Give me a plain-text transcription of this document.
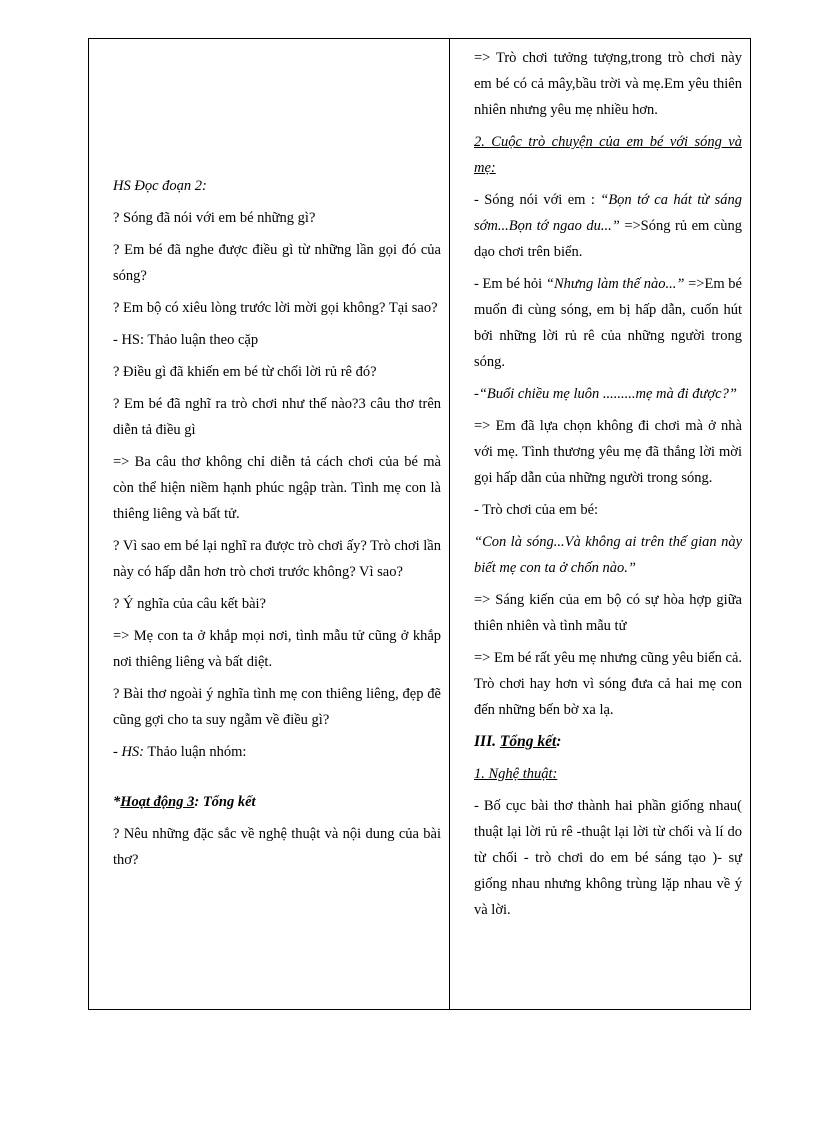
HS Đọc đoạn 2:

? Sóng đã nói với em bé những gì?

? Em bé đã nghe được điều gì từ những lần gọi đó của sóng?

? Em bộ có xiêu lòng trước lời mời gọi không? Tại sao?

- HS: Thảo luận theo cặp

? Điều gì đã khiến em bé từ chối lời rủ rê đó?

? Em bé đã nghĩ ra trò chơi như thế nào?3 câu thơ trên diễn tả điều gì

=> Ba câu thơ không chỉ diễn tả cách chơi của bé mà còn thể hiện niềm hạnh phúc ngập tràn. Tình mẹ con là thiêng liêng và bất tử.

? Vì sao em bé lại nghĩ ra được trò chơi ấy? Trò chơi lần này có hấp dẫn hơn trò chơi trước không? Vì sao?

? Ý nghĩa của câu kết bài?

=> Mẹ con ta ở khắp mọi nơi, tình mẫu tử cũng ở khắp nơi thiêng liêng và bất diệt.

? Bài thơ ngoài ý nghĩa tình mẹ con thiêng liêng, đẹp đẽ cũng gợi cho ta suy ngẫm về điều gì?

- HS: Thảo luận nhóm:

*Hoạt động 3: Tổng kết

? Nêu những đặc sắc về nghệ thuật và nội dung của bài thơ?

=> Trò chơi tưởng tượng,trong trò chơi này em bé có cả mây,bầu trời và mẹ.Em yêu thiên nhiên nhưng yêu mẹ nhiều hơn.

2. Cuộc trò chuyện của em bé với sóng và mẹ:

- Sóng nói với em : “Bọn tớ ca hát từ sáng sớm...Bọn tớ ngao du...” =>Sóng rủ em cùng dạo chơi trên biển.

- Em bé hỏi “Nhưng làm thế nào...” =>Em bé muốn đi cùng sóng, em bị hấp dẫn, cuốn hút bởi những lời rủ rê của những người trong sóng.

-“Buổi chiều mẹ luôn .........mẹ mà đi được?”

=> Em đã lựa chọn không đi chơi mà ở nhà với mẹ. Tình thương yêu mẹ đã thắng lời mời gọi hấp dẫn của những người trong sóng.

- Trò chơi của em bé:

“Con là sóng...Và không ai trên thế gian này biết mẹ con ta ở chốn nào.”

=> Sáng kiến của em bộ có sự hòa hợp giữa thiên nhiên và tình mẫu tử

=> Em bé rất yêu mẹ nhưng cũng yêu biển cả. Trò chơi hay hơn vì sóng đưa cả hai mẹ con đến những bến bờ xa lạ.

III. Tổng kết:

1. Nghệ thuật:

- Bố cục bài thơ thành hai phần giống nhau( thuật lại lời rủ rê -thuật lại lời từ chối và lí do từ chối - trò chơi do em bé sáng tạo )- sự giống nhau nhưng không trùng lặp nhau về ý và lời.
